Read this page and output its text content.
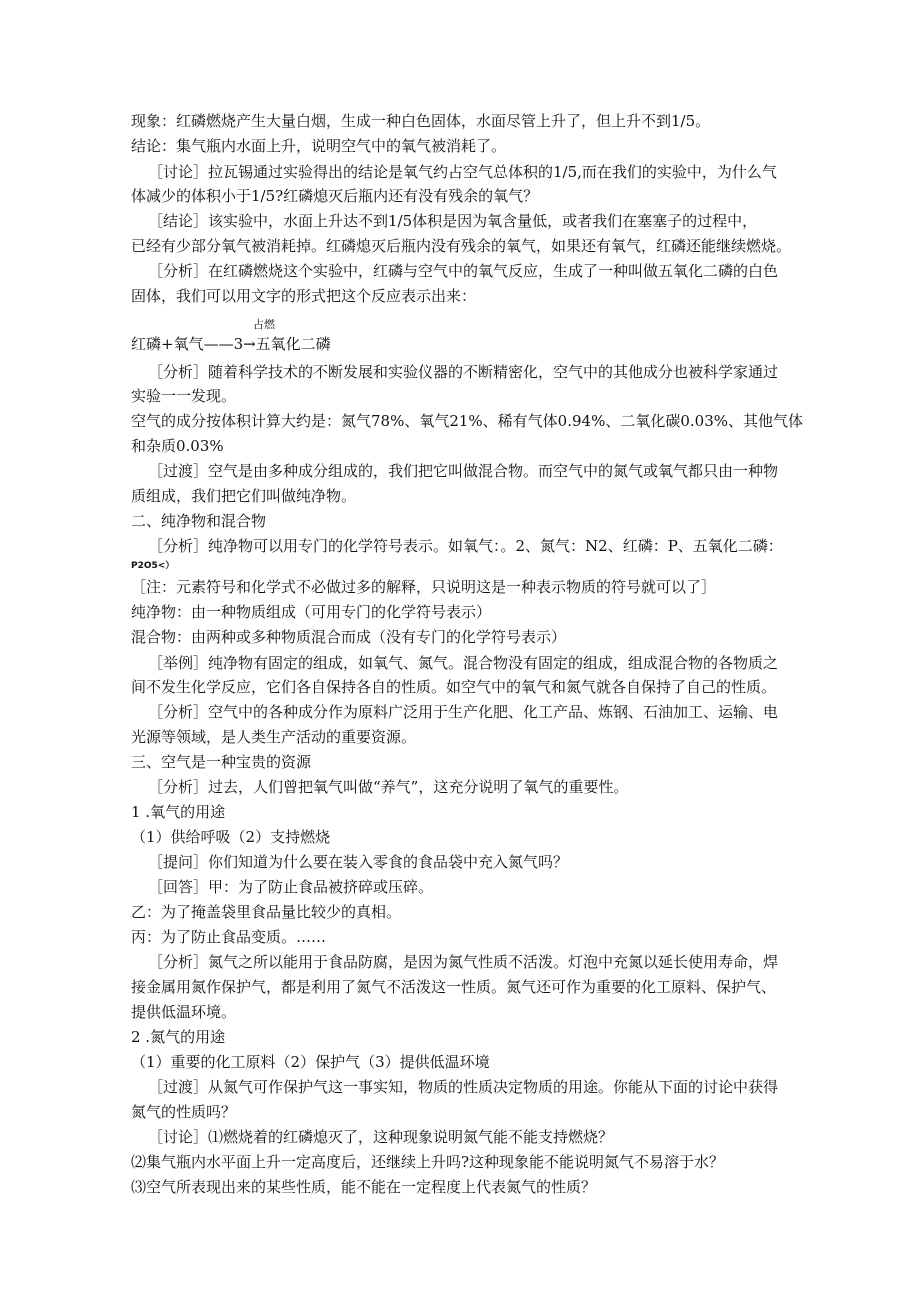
现象：红磷燃烧产生大量白烟，生成一种白色固体，水面尽管上升了，但上升不到1/5。
结论：集气瓶内水面上升，说明空气中的氧气被消耗了。
［讨论］拉瓦锡通过实验得出的结论是氧气约占空气总体积的1/5,而在我们的实验中，为什么气
体减少的体积小于1/5?红磷熄灭后瓶内还有没有残余的氧气？
［结论］该实验中，水面上升达不到1/5体积是因为氧含量低，或者我们在塞塞子的过程中，
已经有少部分氧气被消耗掉。红磷熄灭后瓶内没有残余的氧气，如果还有氧气，红磷还能继续燃烧。
［分析］在红磷燃烧这个实验中，红磷与空气中的氧气反应，生成了一种叫做五氧化二磷的白色
固体，我们可以用文字的形式把这个反应表示出来：
占燃
红磷+氧气——3→五氧化二磷
［分析］随着科学技术的不断发展和实验仪器的不断精密化，空气中的其他成分也被科学家通过
实验一一发现。
空气的成分按体积计算大约是：氮气78%、氧气21%、稀有气体0.94%、二氧化碳0.03%、其他气体
和杂质0.03%
［过渡］空气是由多种成分组成的，我们把它叫做混合物。而空气中的氮气或氧气都只由一种物
质组成，我们把它们叫做纯净物。
二、纯净物和混合物
［分析］纯净物可以用专门的化学符号表示。如氧气：。2、氮气：N2、红磷：P、五氧化二磷：
P2O5<）
［注：元素符号和化学式不必做过多的解释，只说明这是一种表示物质的符号就可以了］
纯净物：由一种物质组成（可用专门的化学符号表示）
混合物：由两种或多种物质混合而成（没有专门的化学符号表示）
［举例］纯净物有固定的组成，如氧气、氮气。混合物没有固定的组成，组成混合物的各物质之
间不发生化学反应，它们各自保持各自的性质。如空气中的氧气和氮气就各自保持了自己的性质。
［分析］空气中的各种成分作为原料广泛用于生产化肥、化工产品、炼钢、石油加工、运输、电
光源等领域，是人类生产活动的重要资源。
三、空气是一种宝贵的资源
［分析］过去，人们曾把氧气叫做“养气”，这充分说明了氧气的重要性。
1 .氧气的用途
（1）供给呼吸（2）支持燃烧
［提问］你们知道为什么要在装入零食的食品袋中充入氮气吗？
［回答］甲：为了防止食品被挤碎或压碎。
乙：为了掩盖袋里食品量比较少的真相。
丙：为了防止食品变质。……
［分析］氮气之所以能用于食品防腐，是因为氮气性质不活泼。灯泡中充氮以延长使用寿命，焊
接金属用氮作保护气，都是利用了氮气不活泼这一性质。氮气还可作为重要的化工原料、保护气、
提供低温环境。
2 .氮气的用途
（1）重要的化工原料（2）保护气（3）提供低温环境
［过渡］从氮气可作保护气这一事实知，物质的性质决定物质的用途。你能从下面的讨论中获得
氮气的性质吗？
［讨论］⑴燃烧着的红磷熄灭了，这种现象说明氮气能不能支持燃烧？
⑵集气瓶内水平面上升一定高度后，还继续上升吗?这种现象能不能说明氮气不易溶于水？
⑶空气所表现出来的某些性质，能不能在一定程度上代表氮气的性质？
